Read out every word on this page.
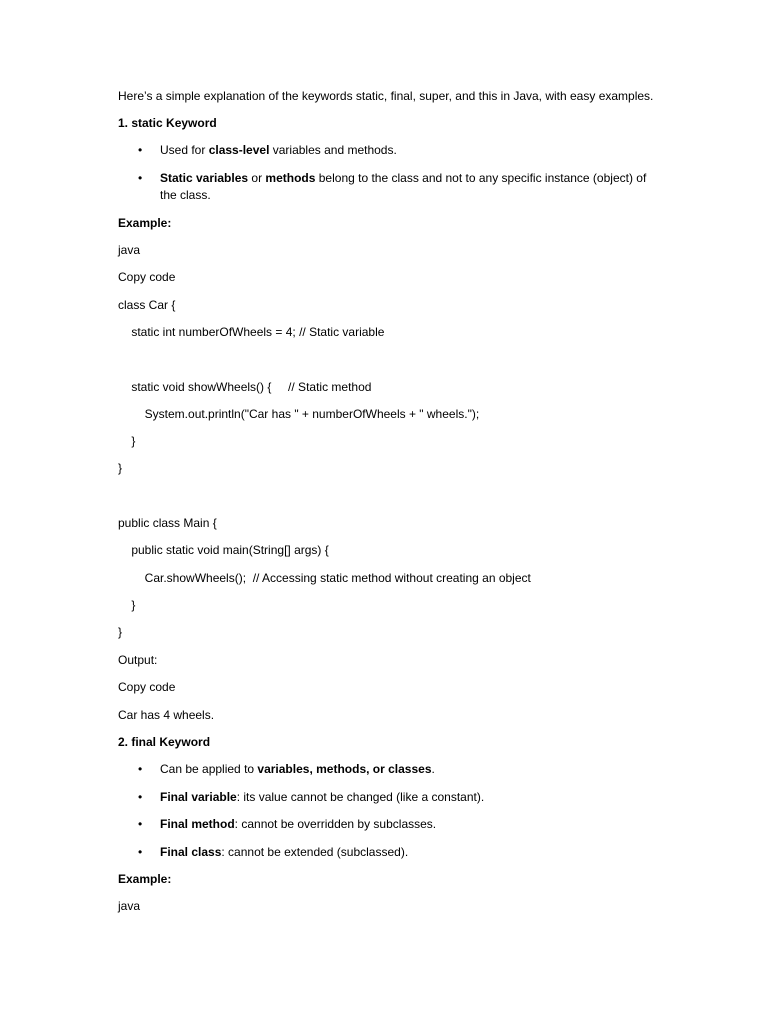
Here’s a simple explanation of the keywords static, final, super, and this in Java, with easy examples.
1. static Keyword
• Used for class-level variables and methods.
• Static variables or methods belong to the class and not to any specific instance (object) of
the class.
Example:
java
Copy code
class Car {
static int numberOfWheels = 4; // Static variable
static void showWheels() {     // Static method
System.out.println("Car has " + numberOfWheels + " wheels.");
}
}
public class Main {
public static void main(String[] args) {
Car.showWheels();  // Accessing static method without creating an object
}
}
Output:
Copy code
Car has 4 wheels.
2. final Keyword
• Can be applied to variables, methods, or classes.
• Final variable: its value cannot be changed (like a constant).
• Final method: cannot be overridden by subclasses.
• Final class: cannot be extended (subclassed).
Example:
java
